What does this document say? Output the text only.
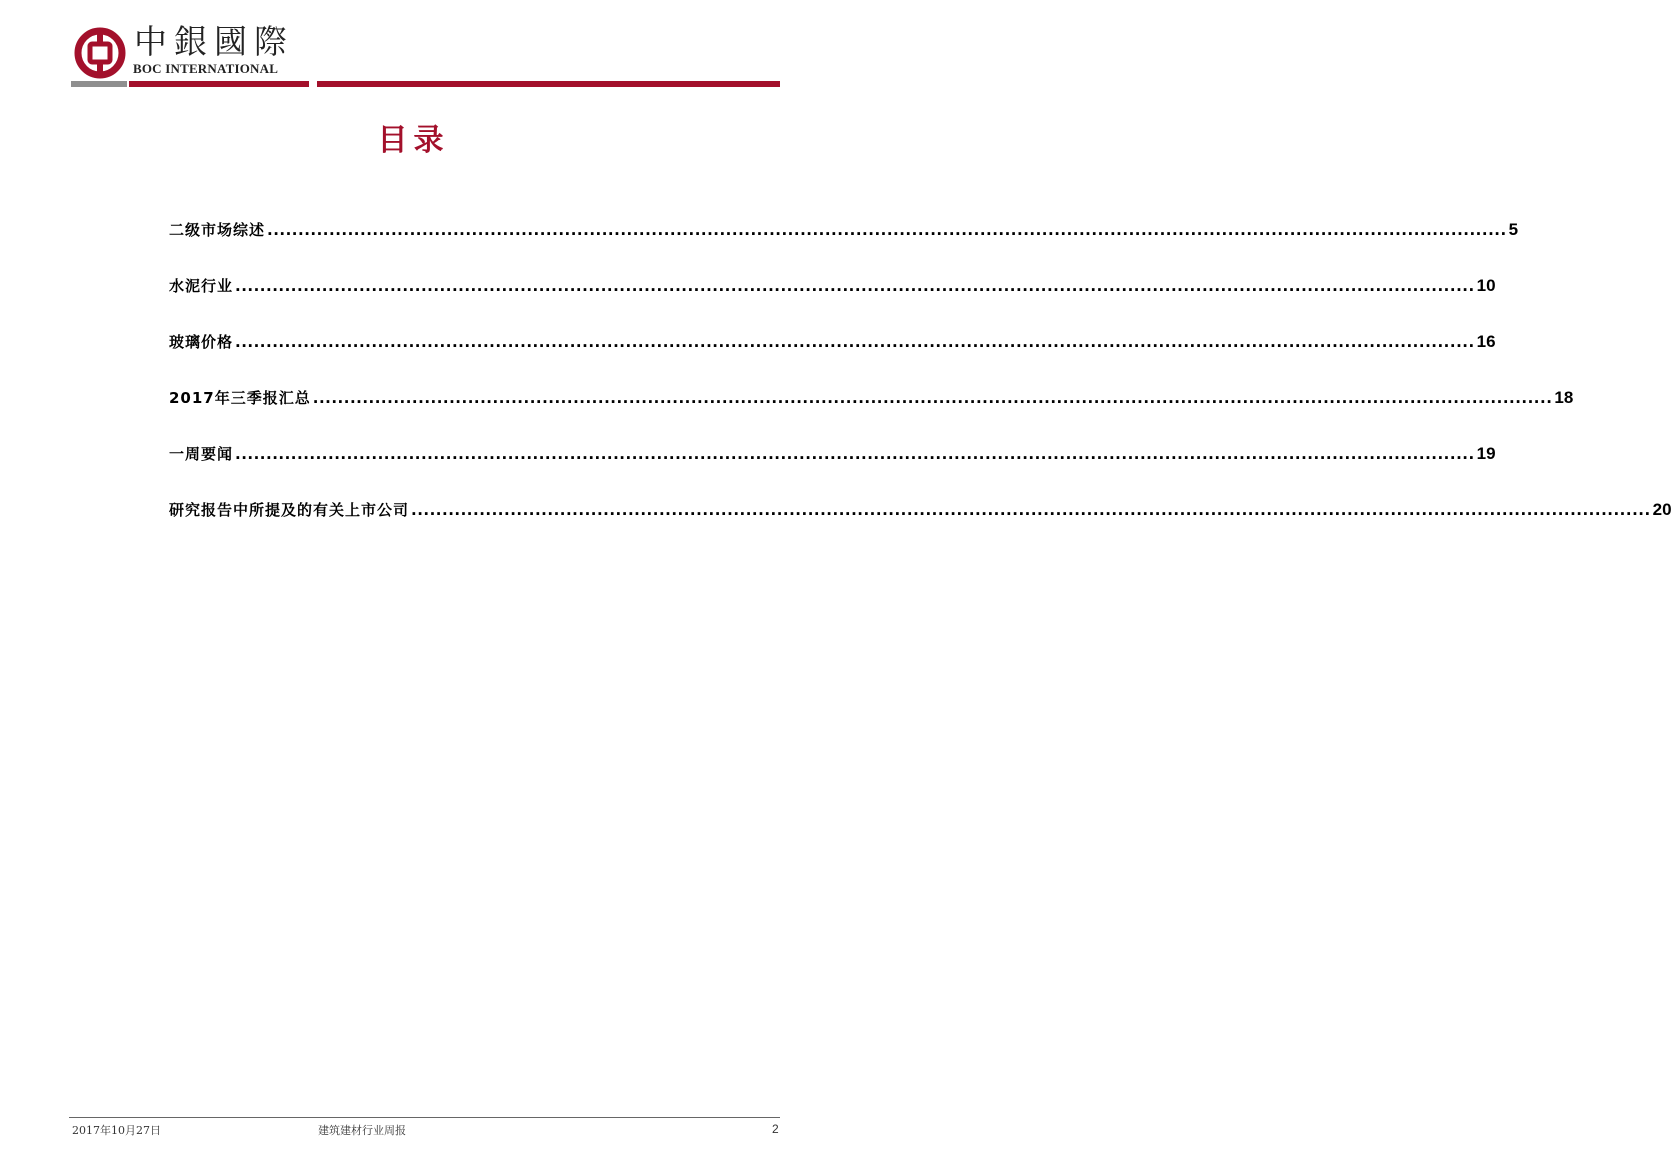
中銀國際
BOC INTERNATIONAL
目录
二级市场综述 ........................................................................................................................................................................................................ 5
水泥行业 ........................................................................................................................................................................................................ 10
玻璃价格 ........................................................................................................................................................................................................ 16
2017年三季报汇总 ........................................................................................................................................................................................................ 18
一周要闻 ........................................................................................................................................................................................................ 19
研究报告中所提及的有关上市公司 ........................................................................................................................................................................................................ 20
2017年10月27日	建筑建材行业周报	2
